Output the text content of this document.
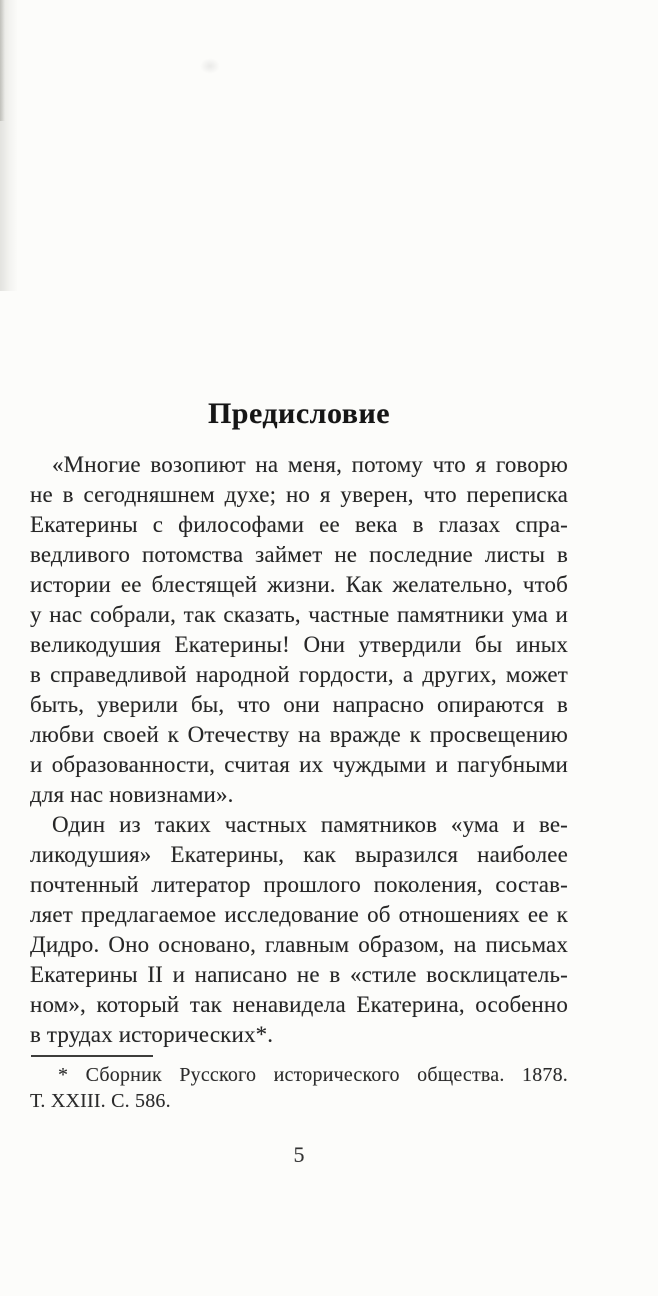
Предисловие
«Многие возопиют на меня, потому что я говорю
не в сегодняшнем духе; но я уверен, что переписка
Екатерины с философами ее века в глазах спра-
ведливого потомства займет не последние листы в
истории ее блестящей жизни. Как желательно, чтоб
у нас собрали, так сказать, частные памятники ума и
великодушия Екатерины! Они утвердили бы иных
в справедливой народной гордости, а других, может
быть, уверили бы, что они напрасно опираются в
любви своей к Отечеству на вражде к просвещению
и образованности, считая их чуждыми и пагубными
для нас новизнами».
Один из таких частных памятников «ума и ве-
ликодушия» Екатерины, как выразился наиболее
почтенный литератор прошлого поколения, состав-
ляет предлагаемое исследование об отношениях ее к
Дидро. Оно основано, главным образом, на письмах
Екатерины II и написано не в «стиле восклицатель-
ном», который так ненавидела Екатерина, особенно
в трудах исторических*.
* Сборник Русского исторического общества. 1878.
Т. XXIII. С. 586.
5
